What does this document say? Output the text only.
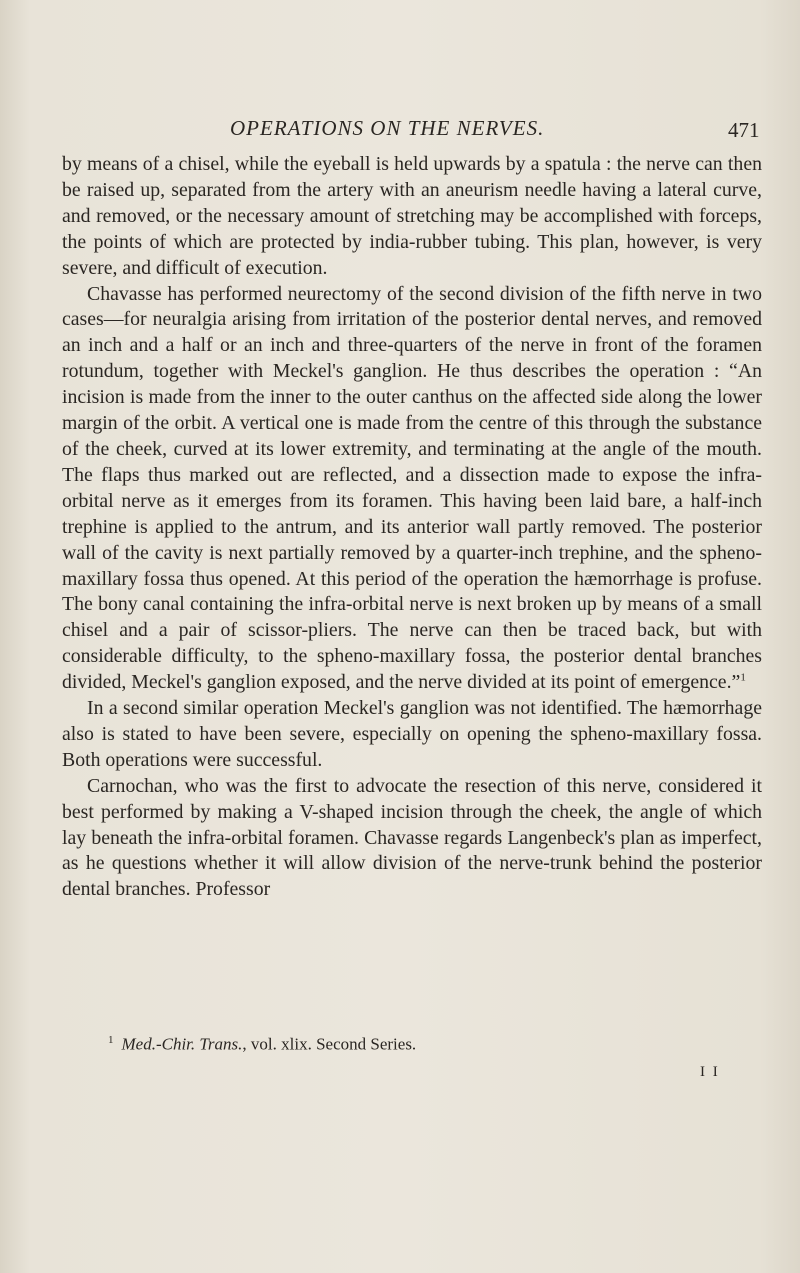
OPERATIONS ON THE NERVES.	471

by means of a chisel, while the eyeball is held upwards by a spatula : the nerve can then be raised up, separated from the artery with an aneurism needle having a lateral curve, and removed, or the necessary amount of stretching may be accomplished with forceps, the points of which are protected by india-rubber tubing. This plan, however, is very severe, and difficult of execution.

Chavasse has performed neurectomy of the second division of the fifth nerve in two cases—for neuralgia arising from irritation of the posterior dental nerves, and removed an inch and a half or an inch and three-quarters of the nerve in front of the foramen rotundum, together with Meckel's ganglion. He thus describes the operation : “An incision is made from the inner to the outer canthus on the affected side along the lower margin of the orbit. A vertical one is made from the centre of this through the substance of the cheek, curved at its lower extremity, and terminating at the angle of the mouth. The flaps thus marked out are reflected, and a dissection made to expose the infra-orbital nerve as it emerges from its foramen. This having been laid bare, a half-inch trephine is applied to the antrum, and its anterior wall partly removed. The posterior wall of the cavity is next partially removed by a quarter-inch trephine, and the spheno-maxillary fossa thus opened. At this period of the operation the hæmorrhage is profuse. The bony canal containing the infra-orbital nerve is next broken up by means of a small chisel and a pair of scissor-pliers. The nerve can then be traced back, but with considerable difficulty, to the spheno-maxillary fossa, the posterior dental branches divided, Meckel's ganglion exposed, and the nerve divided at its point of emergence.”$^1$

In a second similar operation Meckel's ganglion was not identified. The hæmorrhage also is stated to have been severe, especially on opening the spheno-maxillary fossa. Both operations were successful.

Carnochan, who was the first to advocate the resection of this nerve, considered it best performed by making a V-shaped incision through the cheek, the angle of which lay beneath the infra-orbital foramen. Chavasse regards Langenbeck's plan as imperfect, as he questions whether it will allow division of the nerve-trunk behind the posterior dental branches. Professor

$^1$ Med.-Chir. Trans., vol. xlix. Second Series.
I I
